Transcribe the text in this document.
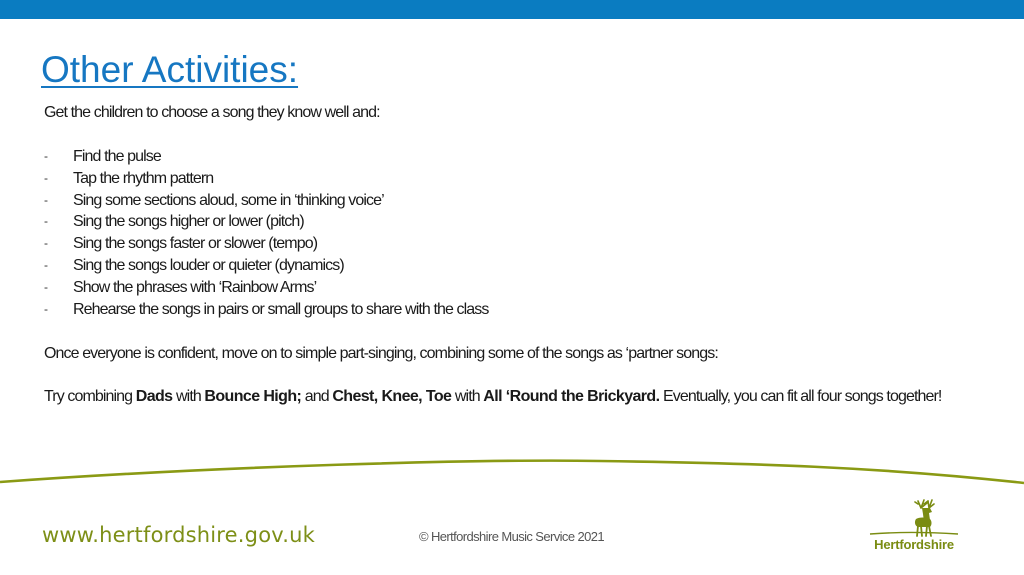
Other Activities:
Get the children to choose a song they know well and:
-	Find the pulse
-	Tap the rhythm pattern
-	Sing some sections aloud, some in ‘thinking voice’
-	Sing the songs higher or lower (pitch)
-	Sing the songs faster or slower (tempo)
-	Sing the songs louder or quieter (dynamics)
-	Show the phrases with ‘Rainbow Arms’
-	Rehearse the songs in pairs or small groups to share with the class
Once everyone is confident, move on to simple part-singing, combining some of the songs as ‘partner songs:
Try combining Dads with Bounce High; and Chest, Knee, Toe with All ‘Round the Brickyard. Eventually, you can fit all four songs together!
www.hertfordshire.gov.uk	© Hertfordshire Music Service 2021
Hertfordshire
